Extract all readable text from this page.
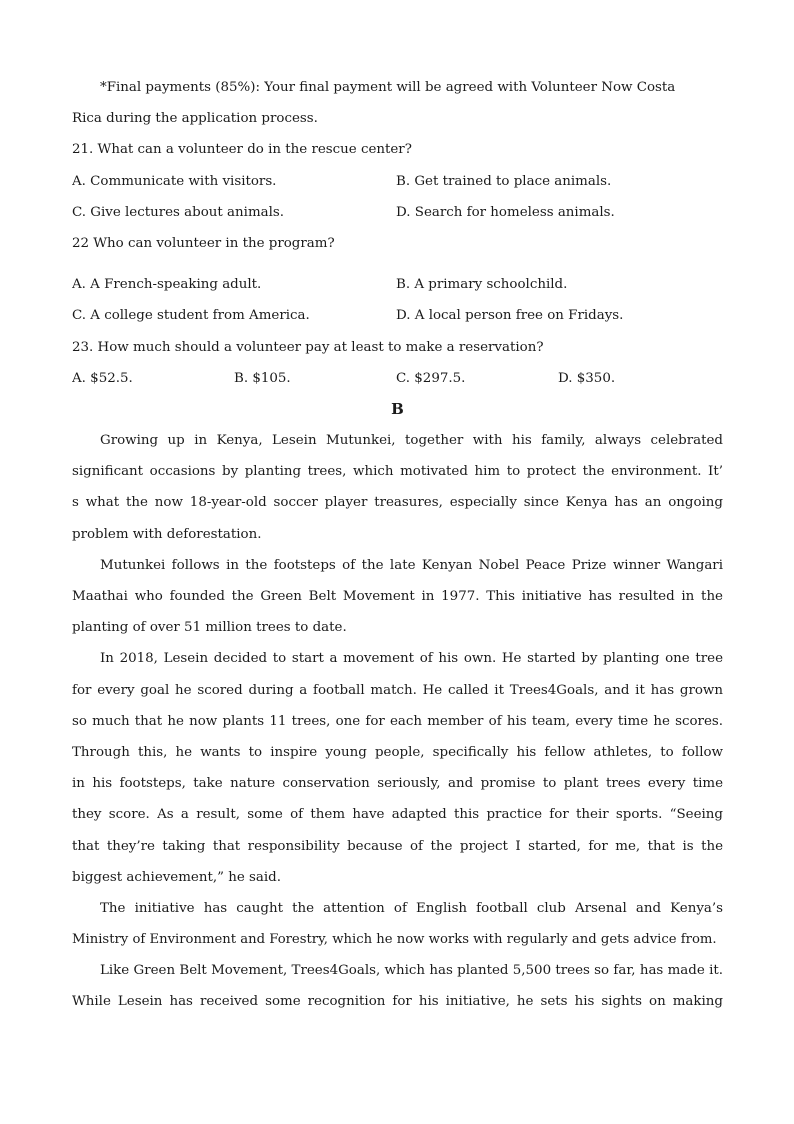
*Final payments (85%): Your final payment will be agreed with Volunteer Now Costa
Rica during the application process.
21. What can a volunteer do in the rescue center?
A. Communicate with visitors.	B. Get trained to place animals.
C. Give lectures about animals.	D. Search for homeless animals.
22 Who can volunteer in the program?
A. A French-speaking adult.	B. A primary schoolchild.
C. A college student from America.	D. A local person free on Fridays.
23. How much should a volunteer pay at least to make a reservation?
A. $52.5.	B. $105.	C. $297.5.	D. $350.
B
Growing up in Kenya, Lesein Mutunkei, together with his family, always celebrated
significant occasions by planting trees, which motivated him to protect the environment. It’
s what the now 18-year-old soccer player treasures, especially since Kenya has an ongoing
problem with deforestation.
Mutunkei follows in the footsteps of the late Kenyan Nobel Peace Prize winner Wangari
Maathai who founded the Green Belt Movement in 1977. This initiative has resulted in the
planting of over 51 million trees to date.
In 2018, Lesein decided to start a movement of his own. He started by planting one tree
for every goal he scored during a football match. He called it Trees4Goals, and it has grown
so much that he now plants 11 trees, one for each member of his team, every time he scores.
Through this, he wants to inspire young people, specifically his fellow athletes, to follow
in his footsteps, take nature conservation seriously, and promise to plant trees every time
they score. As a result, some of them have adapted this practice for their sports. “Seeing
that they’re taking that responsibility because of the project I started, for me, that is the
biggest achievement,” he said.
The initiative has caught the attention of English football club Arsenal and Kenya’s
Ministry of Environment and Forestry, which he now works with regularly and gets advice from.
Like Green Belt Movement, Trees4Goals, which has planted 5,500 trees so far, has made it.
While Lesein has received some recognition for his initiative, he sets his sights on making
